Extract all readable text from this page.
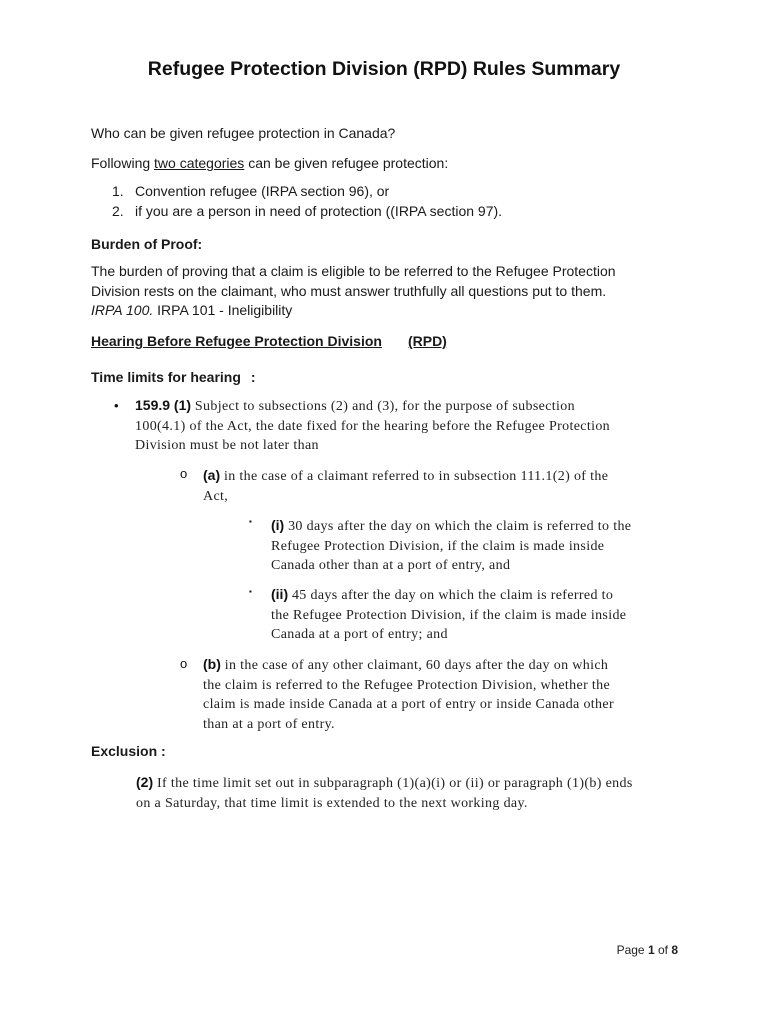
Refugee Protection Division (RPD) Rules Summary
Who can be given refugee protection in Canada?
Following two categories can be given refugee protection:
1. Convention refugee (IRPA section 96), or
2. if you are a person in need of protection ((IRPA section 97).
Burden of Proof:
The burden of proving that a claim is eligible to be referred to the Refugee Protection
Division rests on the claimant, who must answer truthfully all questions put to them.
IRPA 100. IRPA 101 - Ineligibility
Hearing Before Refugee Protection Division (RPD)
Time limits for hearing :
• 159.9 (1) Subject to subsections (2) and (3), for the purpose of subsection
100(4.1) of the Act, the date fixed for the hearing before the Refugee Protection
Division must be not later than
o (a) in the case of a claimant referred to in subsection 111.1(2) of the
Act,
▪ (i) 30 days after the day on which the claim is referred to the
Refugee Protection Division, if the claim is made inside
Canada other than at a port of entry, and
▪ (ii) 45 days after the day on which the claim is referred to
the Refugee Protection Division, if the claim is made inside
Canada at a port of entry; and
o (b) in the case of any other claimant, 60 days after the day on which
the claim is referred to the Refugee Protection Division, whether the
claim is made inside Canada at a port of entry or inside Canada other
than at a port of entry.
Exclusion :
(2) If the time limit set out in subparagraph (1)(a)(i) or (ii) or paragraph (1)(b) ends
on a Saturday, that time limit is extended to the next working day.
Page 1 of 8
